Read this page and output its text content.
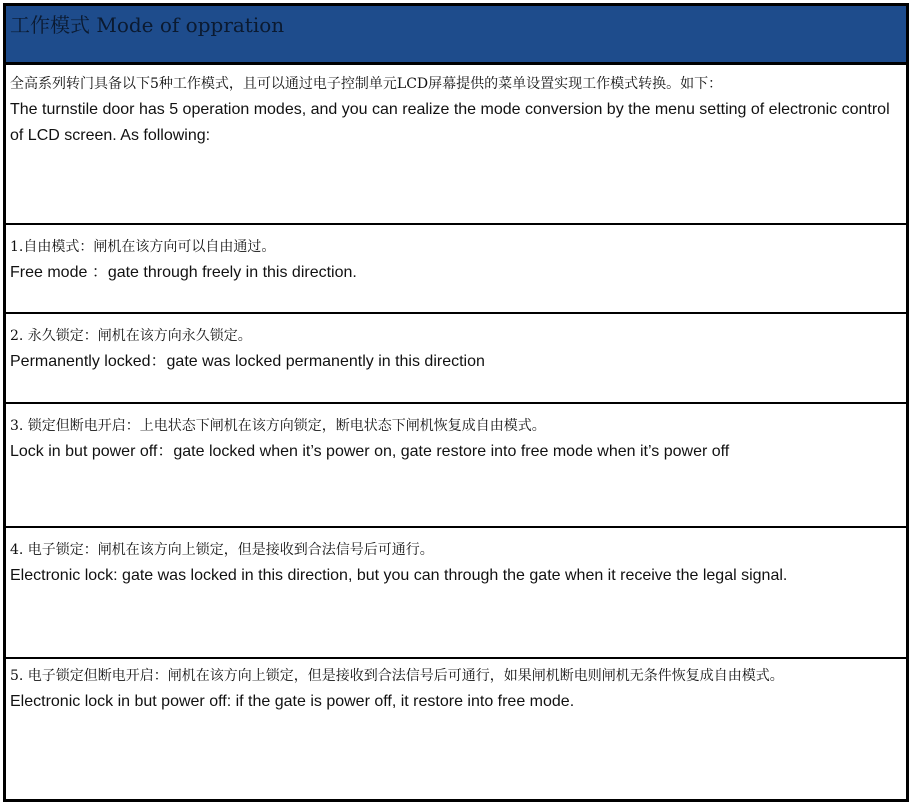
工作模式 Mode of oppration
全高系列转门具备以下5种工作模式，且可以通过电子控制单元LCD屏幕提供的菜单设置实现工作模式转换。如下：
The turnstile door has 5 operation modes, and you can realize the mode conversion by the menu setting of electronic control of LCD screen. As following:
1.自由模式：闸机在该方向可以自由通过。
Free mode ：gate through freely in this direction.
2. 永久锁定：闸机在该方向永久锁定。
Permanently locked：gate was locked permanently in this direction
3. 锁定但断电开启：上电状态下闸机在该方向锁定，断电状态下闸机恢复成自由模式。
Lock in but power off：gate locked when it’s power on, gate restore into free mode when it’s power off
4. 电子锁定：闸机在该方向上锁定，但是接收到合法信号后可通行。
Electronic lock: gate was locked in this direction, but you can through the gate when it receive the legal signal.
5. 电子锁定但断电开启：闸机在该方向上锁定，但是接收到合法信号后可通行，如果闸机断电则闸机无条件恢复成自由模式。
Electronic lock in but power off: if the gate is power off, it restore into free mode.
